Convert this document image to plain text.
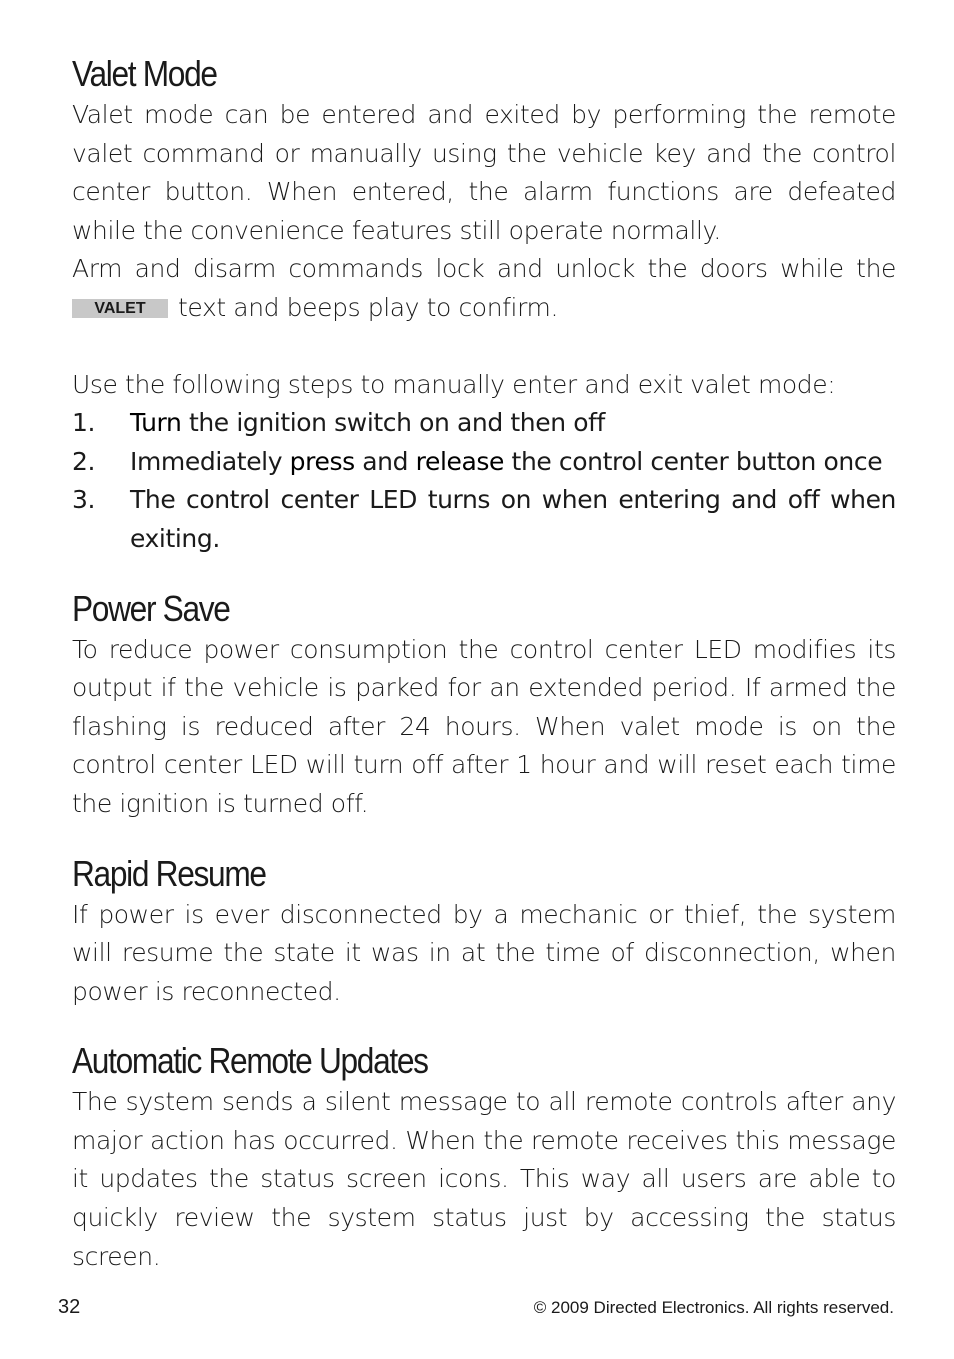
Valet Mode

Valet mode can be entered and exited by performing the remote valet command or manually using the vehicle key and the control center button. When entered, the alarm functions are defeated while the convenience features still operate normally.

Arm and disarm commands lock and unlock the doors while the VALET text and beeps play to confirm.

Use the following steps to manually enter and exit valet mode:

1. Turn the ignition switch on and then off
2. Immediately press and release the control center button once
3. The control center LED turns on when entering and off when exiting.
Power Save

To reduce power consumption the control center LED modifies its output if the vehicle is parked for an extended period. If armed the flashing is reduced after 24 hours. When valet mode is on the control center LED will turn off after 1 hour and will reset each time the ignition is turned off.

Rapid Resume

If power is ever disconnected by a mechanic or thief, the system will resume the state it was in at the time of disconnection, when power is reconnected.

Automatic Remote Updates

The system sends a silent message to all remote controls after any major action has occurred. When the remote receives this message it updates the status screen icons. This way all users are able to quickly review the system status just by accessing the status screen.

32	© 2009 Directed Electronics. All rights reserved.
